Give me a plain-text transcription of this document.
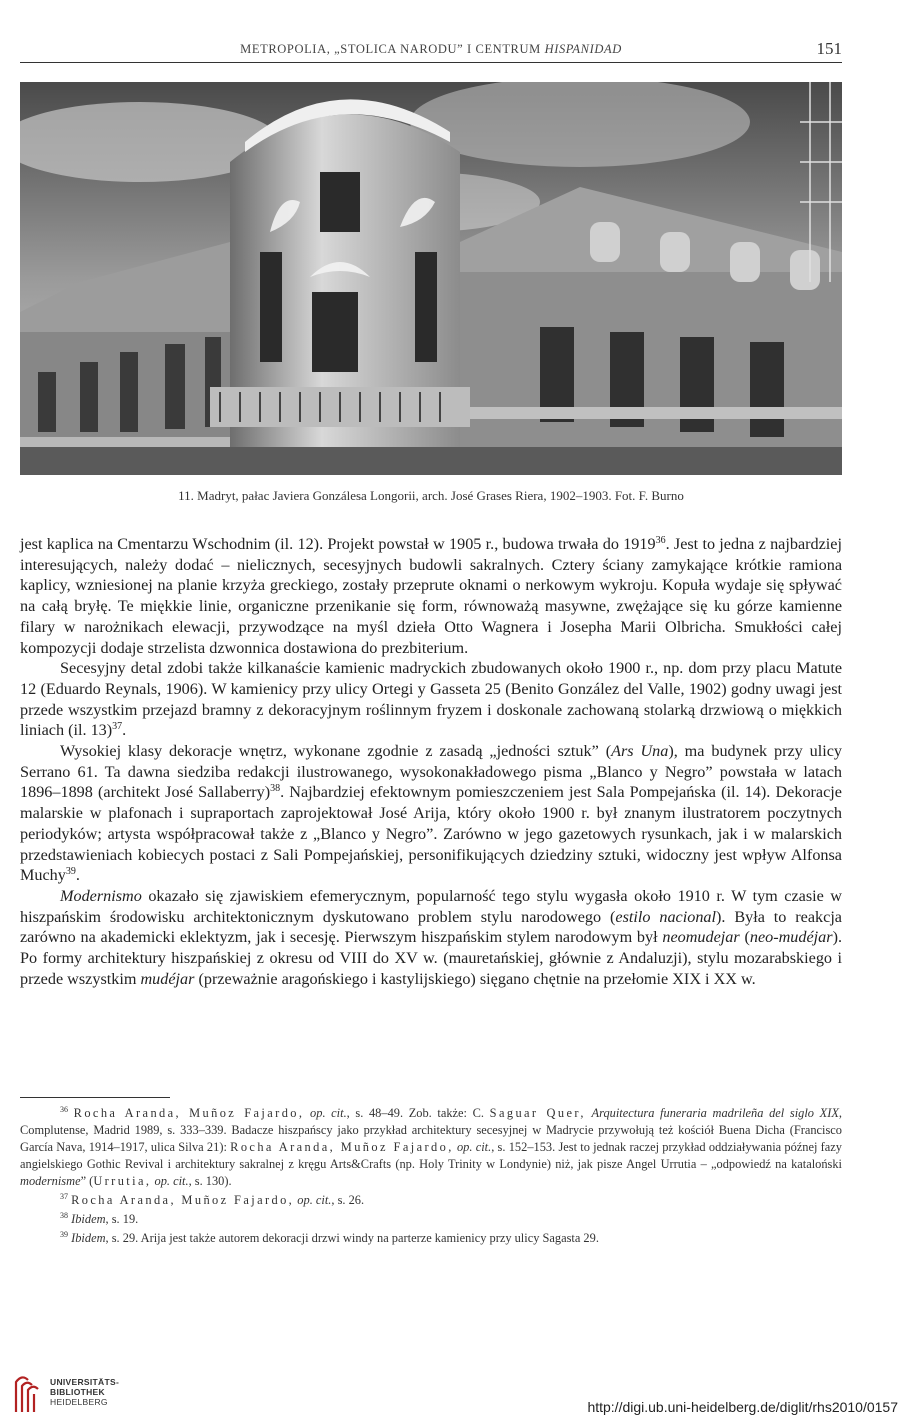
METROPOLIA, „STOLICA NARODU” I CENTRUM HISPANIDAD	151
11. Madryt, pałac Javiera Gonzálesa Longorii, arch. José Grases Riera, 1902–1903. Fot. F. Burno

jest kaplica na Cmentarzu Wschodnim (il. 12). Projekt powstał w 1905 r., budowa trwała do 1919$^{36}$. Jest to jedna z najbardziej interesujących, należy dodać – nielicznych, secesyjnych budowli sakralnych. Cztery ściany zamykające krótkie ramiona kaplicy, wzniesionej na planie krzyża greckiego, zostały przeprute oknami o nerkowym wykroju. Kopuła wydaje się spływać na całą bryłę. Te miękkie linie, organiczne przenikanie się form, równoważą masywne, zwężające się ku górze kamienne filary w narożnikach elewacji, przywodzące na myśl dzieła Otto Wagnera i Josepha Marii Olbricha. Smukłości całej kompozycji dodaje strzelista dzwonnica dostawiona do prezbiterium.

Secesyjny detal zdobi także kilkanaście kamienic madryckich zbudowanych około 1900 r., np. dom przy placu Matute 12 (Eduardo Reynals, 1906). W kamienicy przy ulicy Ortegi y Gasseta 25 (Benito González del Valle, 1902) godny uwagi jest przede wszystkim przejazd bramny z dekoracyjnym roślinnym fryzem i doskonale zachowaną stolarką drzwiową o miękkich liniach (il. 13)$^{37}$.

Wysokiej klasy dekoracje wnętrz, wykonane zgodnie z zasadą „jedności sztuk” (Ars Una), ma budynek przy ulicy Serrano 61. Ta dawna siedziba redakcji ilustrowanego, wysokonakładowego pisma „Blanco y Negro” powstała w latach 1896–1898 (architekt José Sallaberry)$^{38}$. Najbardziej efektownym pomieszczeniem jest Sala Pompejańska (il. 14). Dekoracje malarskie w plafonach i supraportach zaprojektował José Arija, który około 1900 r. był znanym ilustratorem poczytnych periodyków; artysta współpracował także z „Blanco y Negro”. Zarówno w jego gazetowych rysunkach, jak i w malarskich przedstawieniach kobiecych postaci z Sali Pompejańskiej, personifikujących dziedziny sztuki, widoczny jest wpływ Alfonsa Muchy$^{39}$.

Modernismo okazało się zjawiskiem efemerycznym, popularność tego stylu wygasła około 1910 r. W tym czasie w hiszpańskim środowisku architektonicznym dyskutowano problem stylu narodowego (estilo nacional). Była to reakcja zarówno na akademicki eklektyzm, jak i secesję. Pierwszym hiszpańskim stylem narodowym był neomudejar (neo-mudéjar). Po formy architektury hiszpańskiej z okresu od VIII do XV w. (mauretańskiej, głównie z Andaluzji), stylu mozarabskiego i przede wszystkim mudéjar (przeważnie aragońskiego i kastylijskiego) sięgano chętnie na przełomie XIX i XX w.

$^{36}$ Rocha Aranda, Muñoz Fajardo, op. cit., s. 48–49. Zob. także: C. Saguar Quer, Arquitectura funeraria madrileña del siglo XIX, Complutense, Madrid 1989, s. 333–339. Badacze hiszpańscy jako przykład architektury secesyjnej w Madrycie przywołują też kościół Buena Dicha (Francisco García Nava, 1914–1917, ulica Silva 21): Rocha Aranda, Muñoz Fajardo, op. cit., s. 152–153. Jest to jednak raczej przykład oddziaływania późnej fazy angielskiego Gothic Revival i architektury sakralnej z kręgu Arts&Crafts (np. Holy Trinity w Londynie) niż, jak pisze Angel Urrutia – „odpowiedź na kataloński modernisme” (Urrutia, op. cit., s. 130).

$^{37}$ Rocha Aranda, Muñoz Fajardo, op. cit., s. 26.

$^{38}$ Ibidem, s. 19.

$^{39}$ Ibidem, s. 29. Arija jest także autorem dekoracji drzwi windy na parterze kamienicy przy ulicy Sagasta 29.

UNIVERSITÄTS-
BIBLIOTHEK
HEIDELBERG	http://digi.ub.uni-heidelberg.de/diglit/rhs2010/0157
